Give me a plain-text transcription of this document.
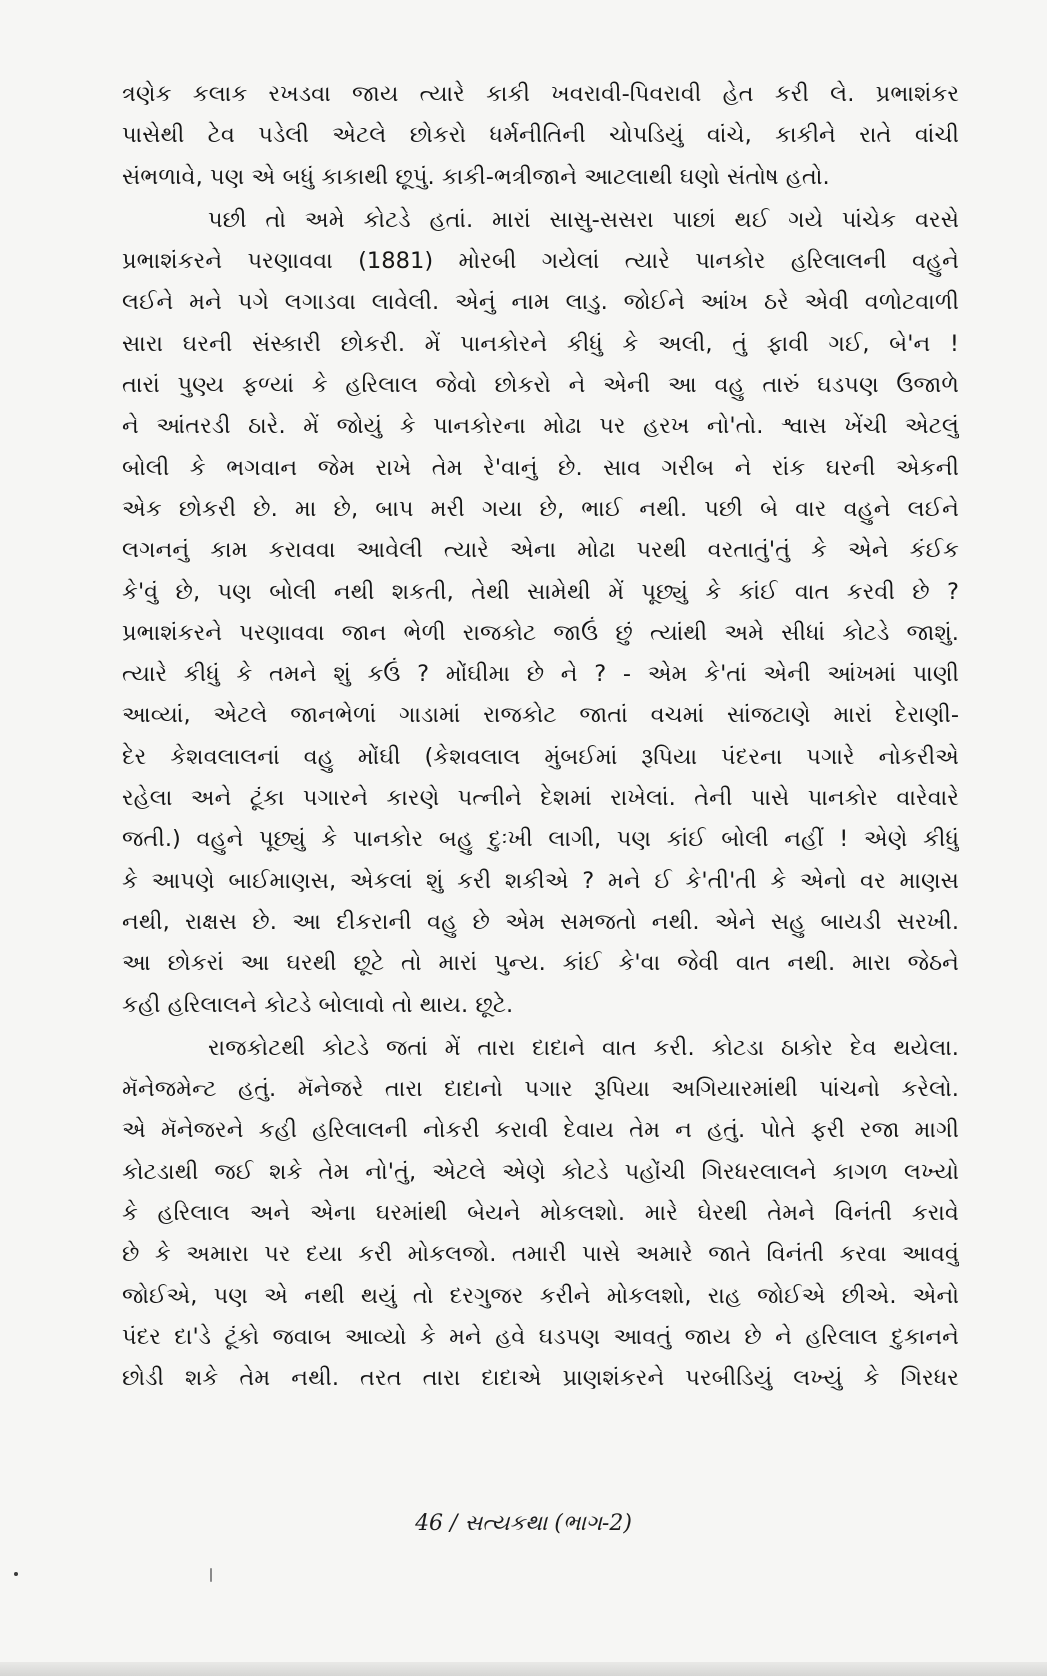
ત્રણેક કલાક રખડવા જાય ત્યારે કાકી ખવરાવી-પિવરાવી હેત કરી લે. પ્રભાશંકર
પાસેથી ટેવ પડેલી એટલે છોકરો ધર્મનીતિની ચોપડિયું વાંચે, કાકીને રાતે વાંચી
સંભળાવે, પણ એ બધું કાકાથી છૂપું. કાકી-ભત્રીજાને આટલાથી ઘણો સંતોષ હતો.
પછી તો અમે કોટડે હતાં. મારાં સાસુ-સસરા પાછાં થઈ ગયે પાંચેક વરસે
પ્રભાશંકરને પરણાવવા (1881) મોરબી ગયેલાં ત્યારે પાનકોર હરિલાલની વહુને
લઈને મને પગે લગાડવા લાવેલી. એનું નામ લાડુ. જોઈને આંખ ઠરે એવી વળોટવાળી
સારા ઘરની સંસ્કારી છોકરી. મેં પાનકોરને કીધું કે અલી, તું ફાવી ગઈ, બે'ન !
તારાં પુણ્ય ફળ્યાં કે હરિલાલ જેવો છોકરો ને એની આ વહુ તારું ઘડપણ ઉજાળે
ને આંતરડી ઠારે. મેં જોયું કે પાનકોરના મોઢા પર હરખ નો'તો. શ્વાસ ખેંચી એટલું
બોલી કે ભગવાન જેમ રાખે તેમ રે'વાનું છે. સાવ ગરીબ ને રાંક ઘરની એકની
એક છોકરી છે. મા છે, બાપ મરી ગયા છે, ભાઈ નથી. પછી બે વાર વહુને લઈને
લગનનું કામ કરાવવા આવેલી ત્યારે એના મોઢા પરથી વરતાતું'તું કે એને કંઈક
કે'વું છે, પણ બોલી નથી શકતી, તેથી સામેથી મેં પૂછ્યું કે કાંઈ વાત કરવી છે ?
પ્રભાશંકરને પરણાવવા જાન ભેળી રાજકોટ જાઉં છું ત્યાંથી અમે સીધાં કોટડે જાશું.
ત્યારે કીધું કે તમને શું કઉં ? મોંઘીમા છે ને ? - એમ કે'તાં એની આંખમાં પાણી
આવ્યાં, એટલે જાનભેળાં ગાડામાં રાજકોટ જાતાં વચમાં સાંજટાણે મારાં દેરાણી-
દેર કેશવલાલનાં વહુ મોંઘી (કેશવલાલ મુંબઈમાં રૂપિયા પંદરના પગારે નોકરીએ
રહેલા અને ટૂંકા પગારને કારણે પત્નીને દેશમાં રાખેલાં. તેની પાસે પાનકોર વારેવારે
જતી.) વહુને પૂછ્યું કે પાનકોર બહુ દુઃખી લાગી, પણ કાંઈ બોલી નહીં ! એણે કીધું
કે આપણે બાઈમાણસ, એકલાં શું કરી શકીએ ? મને ઈ કે'તી'તી કે એનો વર માણસ
નથી, રાક્ષસ છે. આ દીકરાની વહુ છે એમ સમજતો નથી. એને સહુ બાયડી સરખી.
આ છોકરાં આ ઘરથી છૂટે તો મારાં પુન્ય. કાંઈ કે'વા જેવી વાત નથી. મારા જેઠને
કહી હરિલાલને કોટડે બોલાવો તો થાય. છૂટે.
રાજકોટથી કોટડે જતાં મેં તારા દાદાને વાત કરી. કોટડા ઠાકોર દેવ થયેલા.
મૅનેજમેન્ટ હતું. મૅનેજરે તારા દાદાનો પગાર રૂપિયા અગિયારમાંથી પાંચનો કરેલો.
એ મૅનેજરને કહી હરિલાલની નોકરી કરાવી દેવાય તેમ ન હતું. પોતે ફરી રજા માગી
કોટડાથી જઈ શકે તેમ નો'તું, એટલે એણે કોટડે પહોંચી ગિરધરલાલને કાગળ લખ્યો
કે હરિલાલ અને એના ઘરમાંથી બેયને મોકલશો. મારે ઘેરથી તેમને વિનંતી કરાવે
છે કે અમારા પર દયા કરી મોકલજો. તમારી પાસે અમારે જાતે વિનંતી કરવા આવવું
જોઈએ, પણ એ નથી થયું તો દરગુજર કરીને મોકલશો, રાહ જોઈએ છીએ. એનો
પંદર દા'ડે ટૂંકો જવાબ આવ્યો કે મને હવે ઘડપણ આવતું જાય છે ને હરિલાલ દુકાનને
છોડી શકે તેમ નથી. તરત તારા દાદાએ પ્રાણશંકરને પરબીડિયું લખ્યું કે ગિરધર
46 / સત્યકથા (ભાગ-2)
